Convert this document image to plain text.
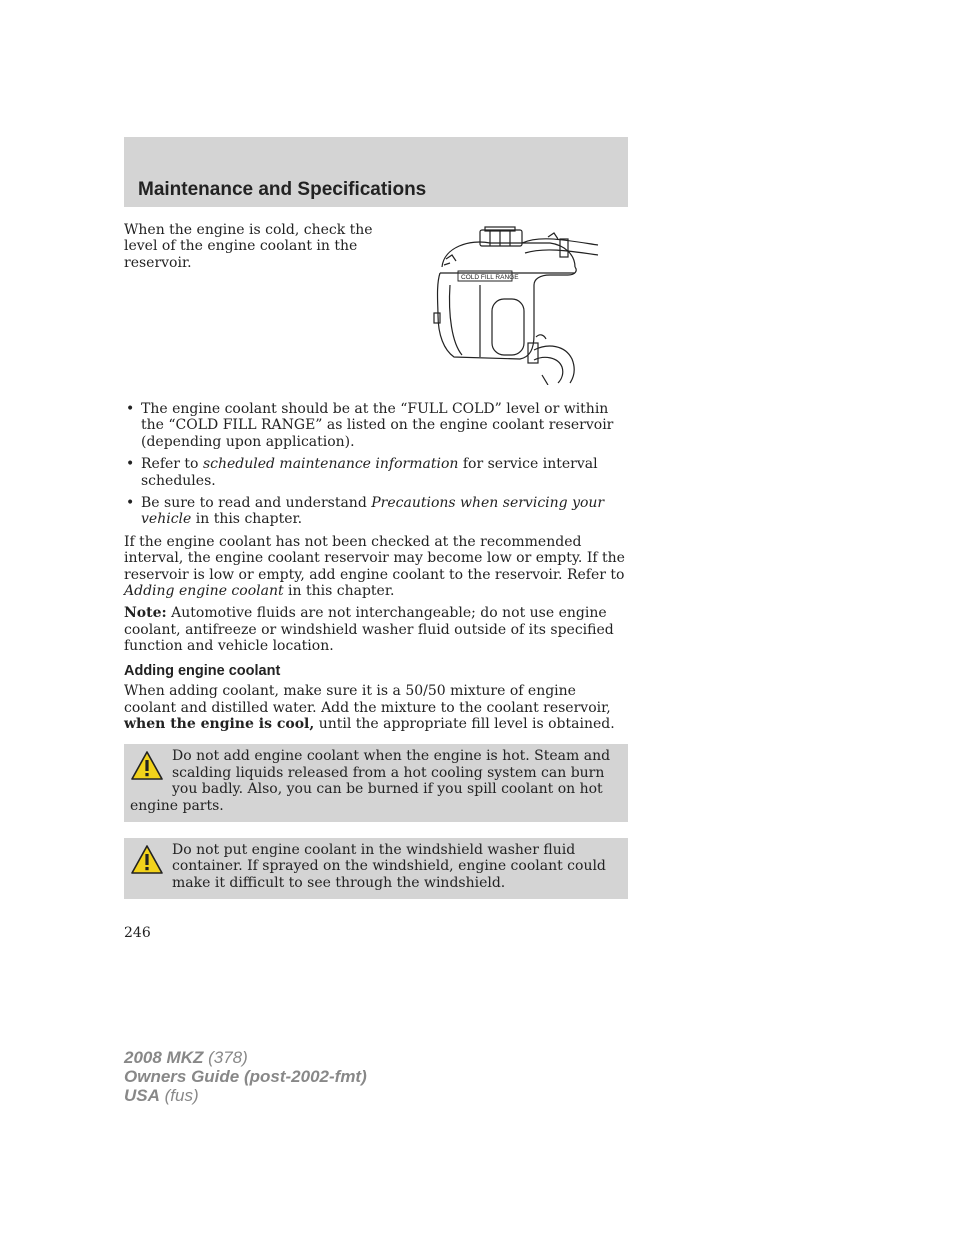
Maintenance and Specifications

When the engine is cold, check the level of the engine coolant in the reservoir.

COLD FILL RANGE
• The engine coolant should be at the “FULL COLD” level or within the “COLD FILL RANGE” as listed on the engine coolant reservoir (depending upon application).
• Refer to scheduled maintenance information for service interval schedules.
• Be sure to read and understand Precautions when servicing your vehicle in this chapter.

If the engine coolant has not been checked at the recommended interval, the engine coolant reservoir may become low or empty. If the reservoir is low or empty, add engine coolant to the reservoir. Refer to Adding engine coolant in this chapter.

Note: Automotive fluids are not interchangeable; do not use engine coolant, antifreeze or windshield washer fluid outside of its specified function and vehicle location.

Adding engine coolant

When adding coolant, make sure it is a 50/50 mixture of engine coolant and distilled water. Add the mixture to the coolant reservoir, when the engine is cool, until the appropriate fill level is obtained.

Do not add engine coolant when the engine is hot. Steam and scalding liquids released from a hot cooling system can burn you badly. Also, you can be burned if you spill coolant on hot engine parts.
Do not put engine coolant in the windshield washer fluid container. If sprayed on the windshield, engine coolant could make it difficult to see through the windshield.
246
2008 MKZ (378)
Owners Guide (post-2002-fmt)
USA (fus)
